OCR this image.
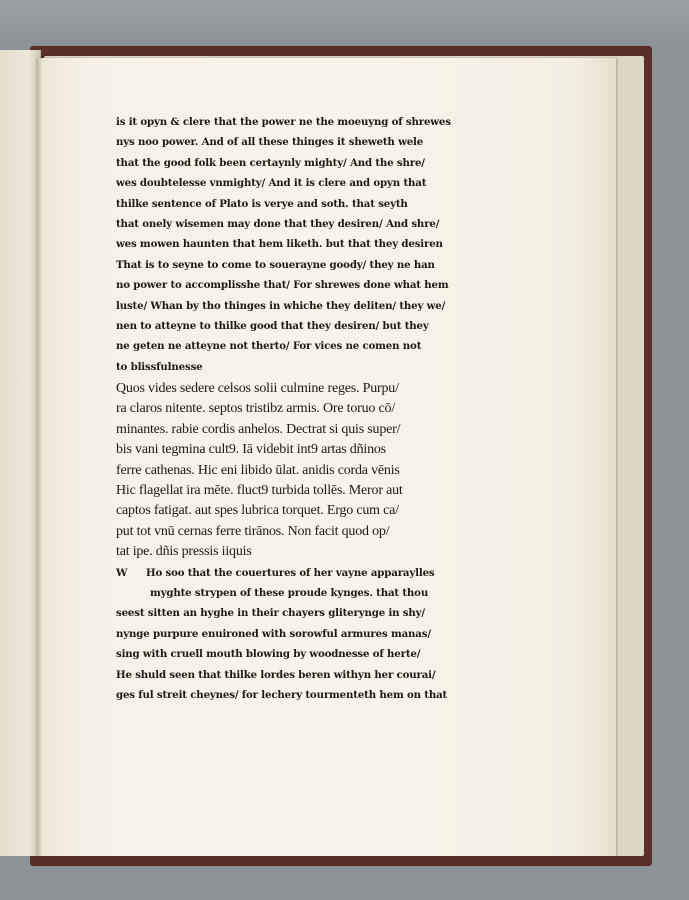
is it opyn & clere that the power ne the moeuyng of shrewes

nys noo power. And of all these thinges it sheweth wele

that the good folk been certaynly mighty/ And the shre/

wes doubtelesse vnmighty/ And it is clere and opyn that

thilke sentence of Plato is verye and soth. that seyth

that onely wisemen may done that they desiren/ And shre/

wes mowen haunten that hem liketh. but that they desiren

That is to seyne to come to souerayne goody/ they ne han

no power to accomplisshe that/ For shrewes done what hem

luste/ Whan by tho thinges in whiche they deliten/ they we/

nen to atteyne to thilke good that they desiren/ but they

ne geten ne atteyne not therto/ For vices ne comen not

to blissfulnesse

Quos vides sedere celsos solii culmine reges. Purpu/

ra claros nitente. septos tristibz armis. Ore toruo cō/

minantes. rabie cordis anhelos. Dectrat si quis super/

bis vani tegmina cult9. Iā videbit int9 artas dñinos

ferre cathenas. Hic eni libido ūlat. anidis corda vēnis

Hic flagellat ira mēte. fluct9 turbida tollēs. Meror aut

captos fatigat. aut spes lubrica torquet. Ergo cum ca/

put tot vnū cernas ferre tirānos. Non facit quod op/

tat ipe. dñis pressis iiquis

W Ho soo that the couertures of her vayne apparaylles

myghte strypen of these proude kynges. that thou

seest sitten an hyghe in their chayers gliterynge in shy/

nynge purpure enuironed with sorowful armures manas/

sing with cruell mouth blowing by woodnesse of herte/

He shuld seen that thilke lordes beren withyn her courai/

ges ful streit cheynes/ for lechery tourmenteth hem on that
